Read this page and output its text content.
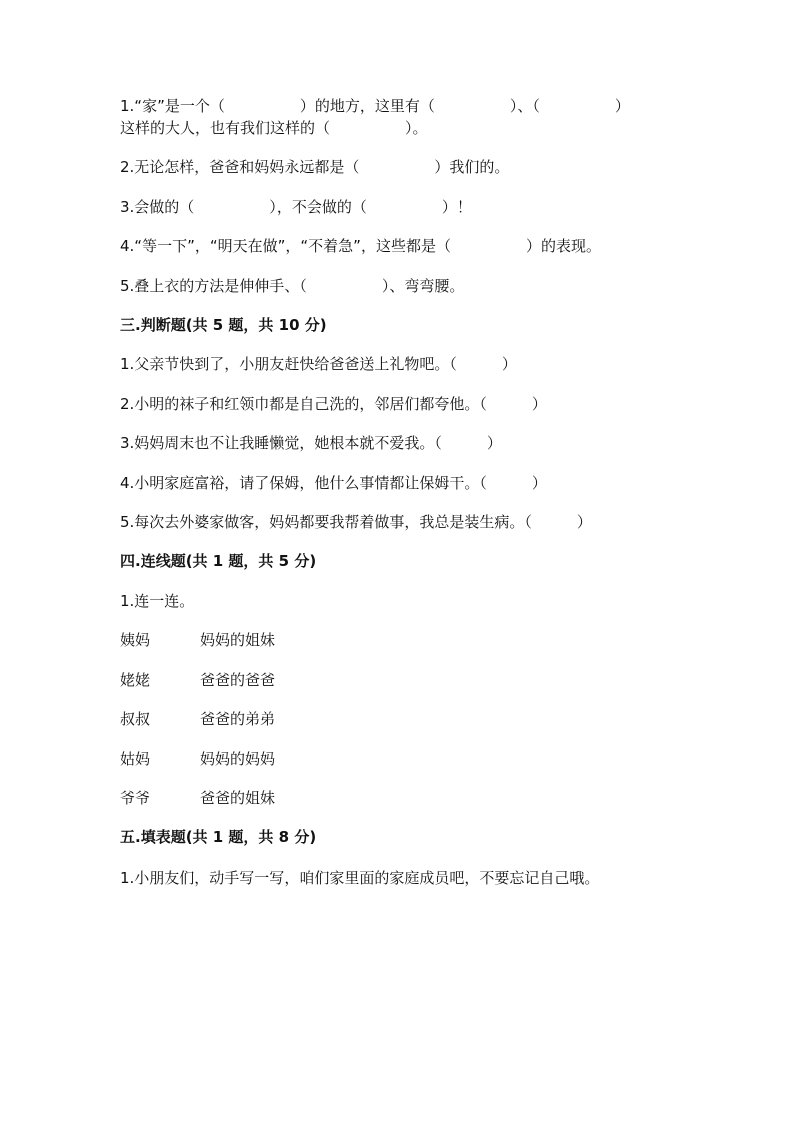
1.“家”是一个（　　　　　）的地方，这里有（　　　　　）、（　　　　　）
这样的大人，也有我们这样的（　　　　　）。
2.无论怎样，爸爸和妈妈永远都是（　　　　　）我们的。
3.会做的（　　　　　），不会做的（　　　　　）！
4.“等一下”，“明天在做”，“不着急”，这些都是（　　　　　）的表现。
5.叠上衣的方法是伸伸手、（　　　　　）、弯弯腰。
三.判断题(共 5 题，共 10 分)
1.父亲节快到了，小朋友赶快给爸爸送上礼物吧。（　　　）
2.小明的袜子和红领巾都是自己洗的，邻居们都夸他。（　　　）
3.妈妈周末也不让我睡懒觉，她根本就不爱我。（　　　）
4.小明家庭富裕，请了保姆，他什么事情都让保姆干。（　　　）
5.每次去外婆家做客，妈妈都要我帮着做事，我总是装生病。（　　　）
四.连线题(共 1 题，共 5 分)
1.连一连。
姨妈	妈妈的姐妹
姥姥	爸爸的爸爸
叔叔	爸爸的弟弟
姑妈	妈妈的妈妈
爷爷	爸爸的姐妹
五.填表题(共 1 题，共 8 分)
1.小朋友们，动手写一写，咱们家里面的家庭成员吧，不要忘记自己哦。
